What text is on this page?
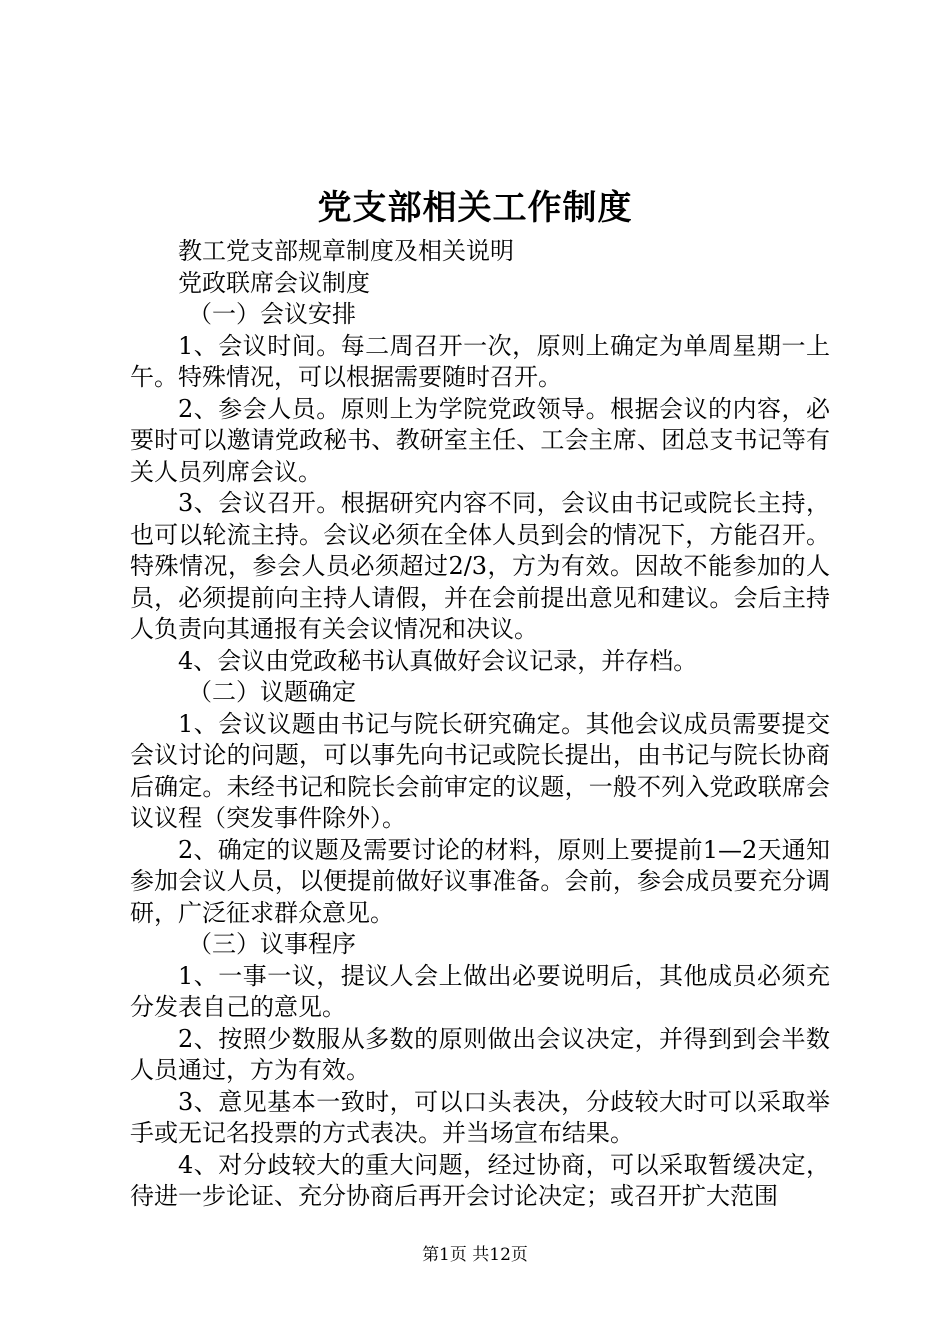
党支部相关工作制度

教工党支部规章制度及相关说明

党政联席会议制度

（一）会议安排

1、会议时间。每二周召开一次，原则上确定为单周星期一上午。特殊情况，可以根据需要随时召开。

2、参会人员。原则上为学院党政领导。根据会议的内容，必要时可以邀请党政秘书、教研室主任、工会主席、团总支书记等有关人员列席会议。

3、会议召开。根据研究内容不同，会议由书记或院长主持，也可以轮流主持。会议必须在全体人员到会的情况下，方能召开。特殊情况，参会人员必须超过2/3，方为有效。因故不能参加的人员，必须提前向主持人请假，并在会前提出意见和建议。会后主持人负责向其通报有关会议情况和决议。

4、会议由党政秘书认真做好会议记录，并存档。

（二）议题确定

1、会议议题由书记与院长研究确定。其他会议成员需要提交会议讨论的问题，可以事先向书记或院长提出，由书记与院长协商后确定。未经书记和院长会前审定的议题，一般不列入党政联席会议议程（突发事件除外）。

2、确定的议题及需要讨论的材料，原则上要提前1—2天通知参加会议人员，以便提前做好议事准备。会前，参会成员要充分调研，广泛征求群众意见。

（三）议事程序

1、一事一议，提议人会上做出必要说明后，其他成员必须充分发表自己的意见。

2、按照少数服从多数的原则做出会议决定，并得到到会半数人员通过，方为有效。

3、意见基本一致时，可以口头表决，分歧较大时可以采取举手或无记名投票的方式表决。并当场宣布结果。

4、对分歧较大的重大问题，经过协商，可以采取暂缓决定，待进一步论证、充分协商后再开会讨论决定；或召开扩大范围

第1页 共12页
